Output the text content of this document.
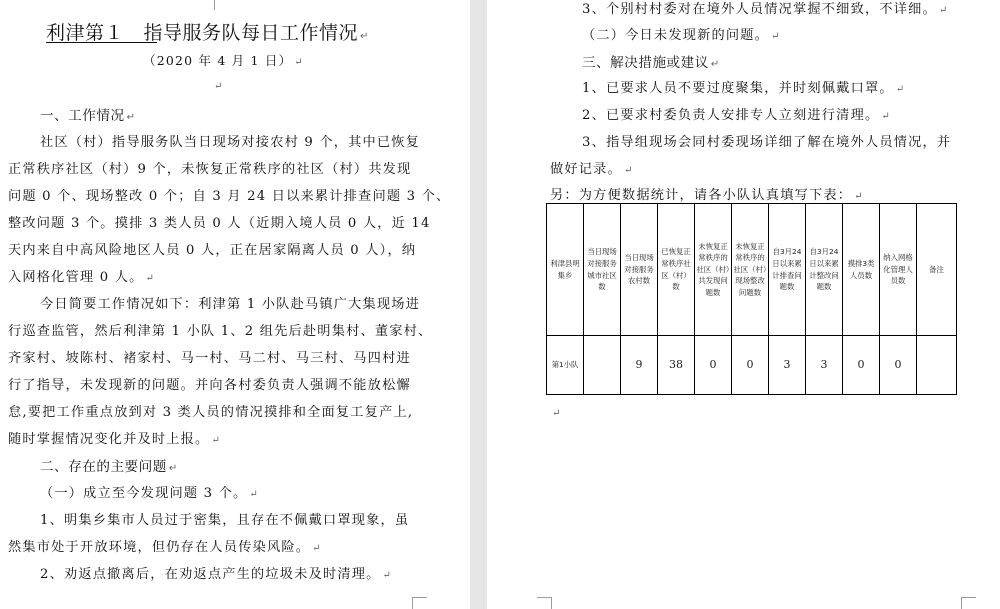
利津第１　指导服务队每日工作情况 ↵

（2020 年 4 月 1 日） ↵

↵

一、工作情况 ↵

社区（村）指导服务队当日现场对接农村 9 个，其中已恢复

正常秩序社区（村）9 个，未恢复正常秩序的社区（村）共发现

问题 0 个、现场整改 0 个；自 3 月 24 日以来累计排查问题 3 个、

整改问题 3 个。摸排 3 类人员 0 人（近期入境人员 0 人，近 14

天内来自中高风险地区人员 0 人，正在居家隔离人员 0 人），纳

入网格化管理 0 人。 ↵

今日简要工作情况如下：利津第 1 小队赴马镇广大集现场进

行巡查监管，然后利津第 1 小队 1、2 组先后赴明集村、董家村、

齐家村、坡陈村、褚家村、马一村、马二村、马三村、马四村进

行了指导，未发现新的问题。并向各村委负责人强调不能放松懈

怠,要把工作重点放到对 3 类人员的情况摸排和全面复工复产上,

随时掌握情况变化并及时上报。 ↵

二、存在的主要问题 ↵

（一）成立至今发现问题 3 个。 ↵

1、明集乡集市人员过于密集，且存在不佩戴口罩现象，虽

然集市处于开放环境，但仍存在人员传染风险。 ↵

2、劝返点撤离后，在劝返点产生的垃圾未及时清理。 ↵

3、个别村村委对在境外人员情况掌握不细致，不详细。 ↵

（二）今日未发现新的问题。 ↵

三、解决措施或建议 ↵

1、已要求人员不要过度聚集，并时刻佩戴口罩。 ↵

2、已要求村委负责人安排专人立刻进行清理。 ↵

3、指导组现场会同村委现场详细了解在境外人员情况，并

做好记录。 ↵

另：为方便数据统计，请各小队认真填写下表： ↵

利津县明集乡	当日现场对接服务城市社区数	当日现场对接服务农村数	已恢复正常秩序社区（村）数	未恢复正常秩序的社区（村）共发现问题数	未恢复正常秩序的社区（村）现场整改问题数	自3月24日以来累计排查问题数	自3月24日以来累计整改问题数	摸排3类人员数	纳入网格化管理人员数	备注
第1小队		9	38	0	0	3	3	0	0	

↵
